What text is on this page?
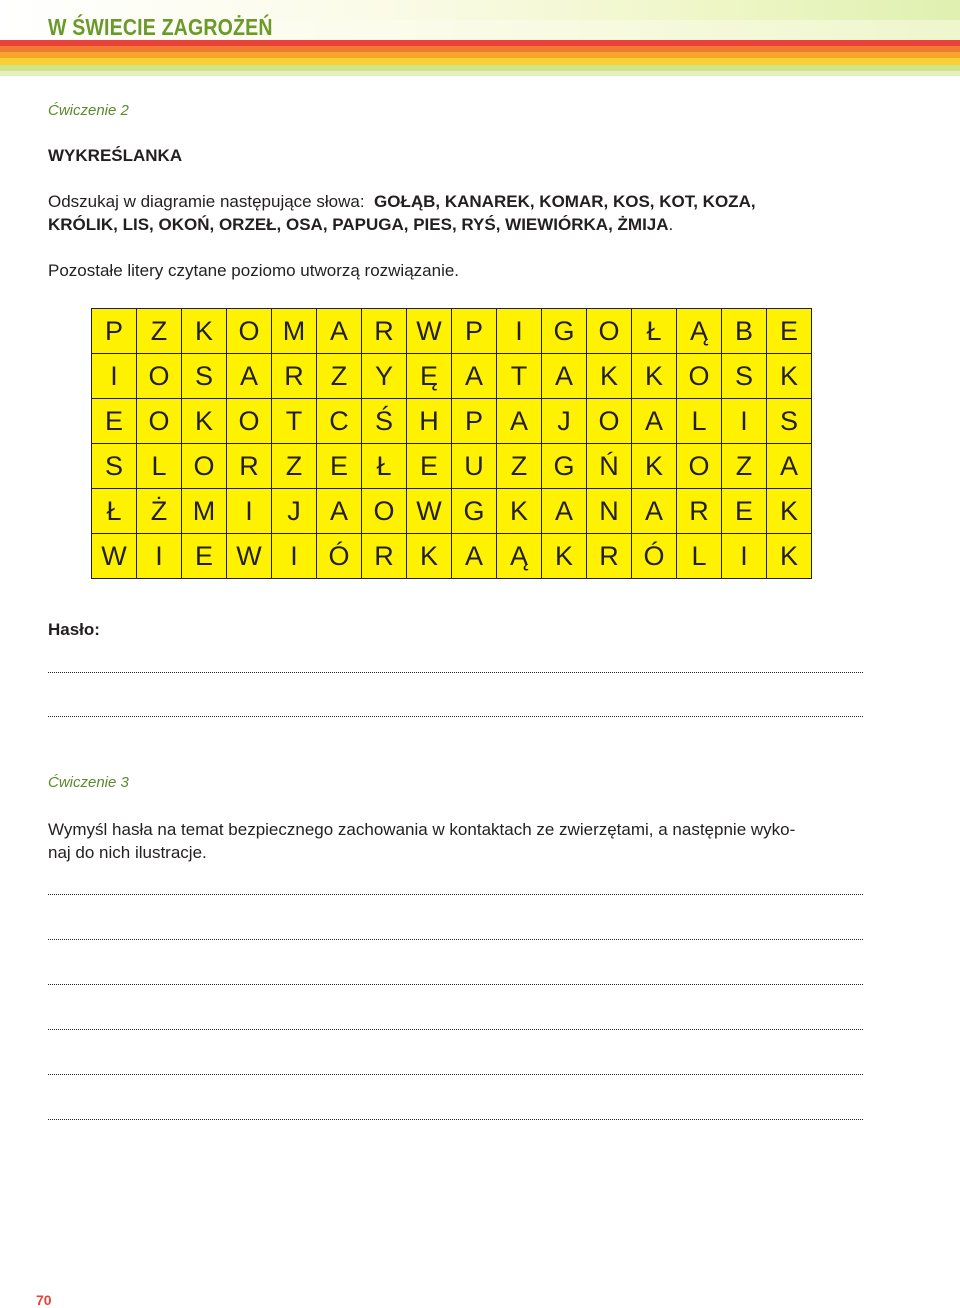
W ŚWIECIE ZAGROŻEŃ
Ćwiczenie 2
WYKREŚLANKA
Odszukaj w diagramie następujące słowa: GOŁĄB, KANAREK, KOMAR, KOS, KOT, KOZA,
KRÓLIK, LIS, OKOŃ, ORZEŁ, OSA, PAPUGA, PIES, RYŚ, WIEWIÓRKA, ŻMIJA.
Pozostałe litery czytane poziomo utworzą rozwiązanie.
P	Z	K	O	M	A	R	W	P	I	G	O	Ł	Ą	B	E
I	O	S	A	R	Z	Y	Ę	A	T	A	K	K	O	S	K
E	O	K	O	T	C	Ś	H	P	A	J	O	A	L	I	S
S	L	O	R	Z	E	Ł	E	U	Z	G	Ń	K	O	Z	A
Ł	Ż	M	I	J	A	O	W	G	K	A	N	A	R	E	K
W	I	E	W	I	Ó	R	K	A	Ą	K	R	Ó	L	I	K
Hasło:
Ćwiczenie 3
Wymyśl hasła na temat bezpiecznego zachowania w kontaktach ze zwierzętami, a następnie wyko-
naj do nich ilustracje.
70
